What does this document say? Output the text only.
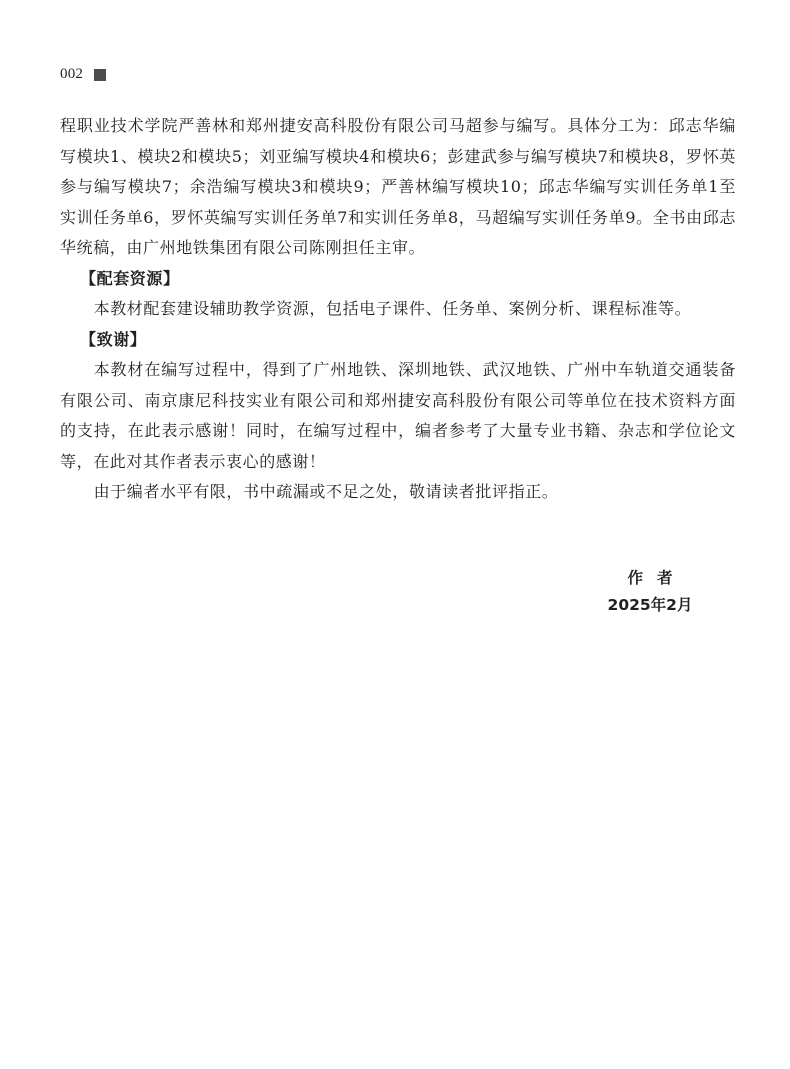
002

程职业技术学院严善林和郑州捷安高科股份有限公司马超参与编写。具体分工为：邱志华编写模块1、模块2和模块5；刘亚编写模块4和模块6；彭建武参与编写模块7和模块8，罗怀英参与编写模块7；余浩编写模块3和模块9；严善林编写模块10；邱志华编写实训任务单1至实训任务单6，罗怀英编写实训任务单7和实训任务单8，马超编写实训任务单9。全书由邱志华统稿，由广州地铁集团有限公司陈刚担任主审。

【配套资源】

本教材配套建设辅助教学资源，包括电子课件、任务单、案例分析、课程标准等。

【致谢】

本教材在编写过程中，得到了广州地铁、深圳地铁、武汉地铁、广州中车轨道交通装备有限公司、南京康尼科技实业有限公司和郑州捷安高科股份有限公司等单位在技术资料方面的支持，在此表示感谢！同时，在编写过程中，编者参考了大量专业书籍、杂志和学位论文等，在此对其作者表示衷心的感谢！

由于编者水平有限，书中疏漏或不足之处，敬请读者批评指正。

作者
2025年2月
